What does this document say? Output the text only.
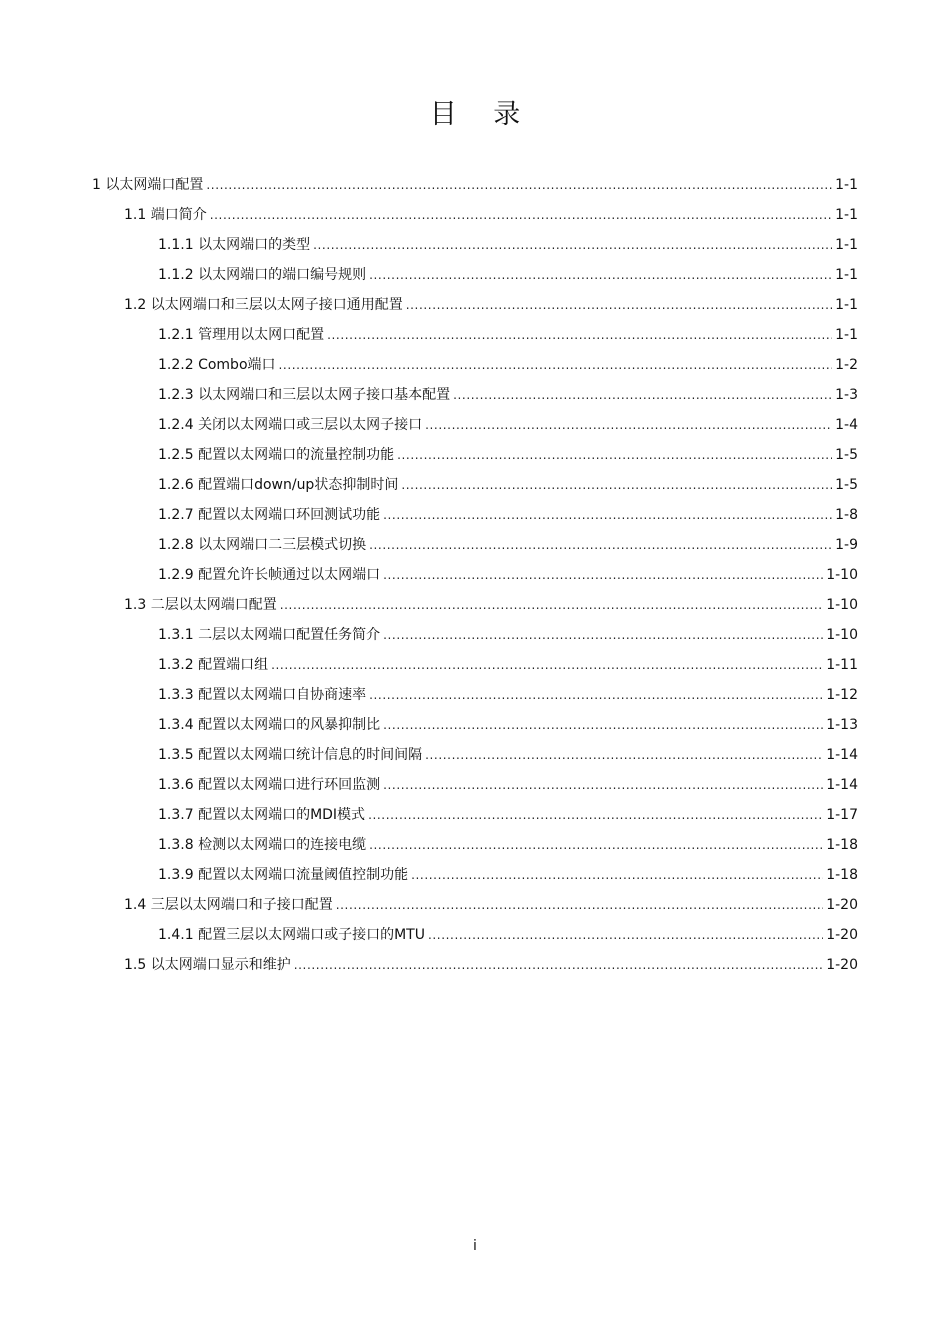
目 录
1 以太网端口配置 .....	1-1
1.1 端口简介 .....	1-1
1.1.1 以太网端口的类型 .....	1-1
1.1.2 以太网端口的端口编号规则 .....	1-1
1.2 以太网端口和三层以太网子接口通用配置 .....	1-1
1.2.1 管理用以太网口配置 .....	1-1
1.2.2 Combo端口 .....	1-2
1.2.3 以太网端口和三层以太网子接口基本配置 .....	1-3
1.2.4 关闭以太网端口或三层以太网子接口 .....	1-4
1.2.5 配置以太网端口的流量控制功能 .....	1-5
1.2.6 配置端口down/up状态抑制时间 .....	1-5
1.2.7 配置以太网端口环回测试功能 .....	1-8
1.2.8 以太网端口二三层模式切换 .....	1-9
1.2.9 配置允许长帧通过以太网端口 .....	1-10
1.3 二层以太网端口配置 .....	1-10
1.3.1 二层以太网端口配置任务简介 .....	1-10
1.3.2 配置端口组 .....	1-11
1.3.3 配置以太网端口自协商速率 .....	1-12
1.3.4 配置以太网端口的风暴抑制比 .....	1-13
1.3.5 配置以太网端口统计信息的时间间隔 .....	1-14
1.3.6 配置以太网端口进行环回监测 .....	1-14
1.3.7 配置以太网端口的MDI模式 .....	1-17
1.3.8 检测以太网端口的连接电缆 .....	1-18
1.3.9 配置以太网端口流量阈值控制功能 .....	1-18
1.4 三层以太网端口和子接口配置 .....	1-20
1.4.1 配置三层以太网端口或子接口的MTU .....	1-20
1.5 以太网端口显示和维护 .....	1-20
i
